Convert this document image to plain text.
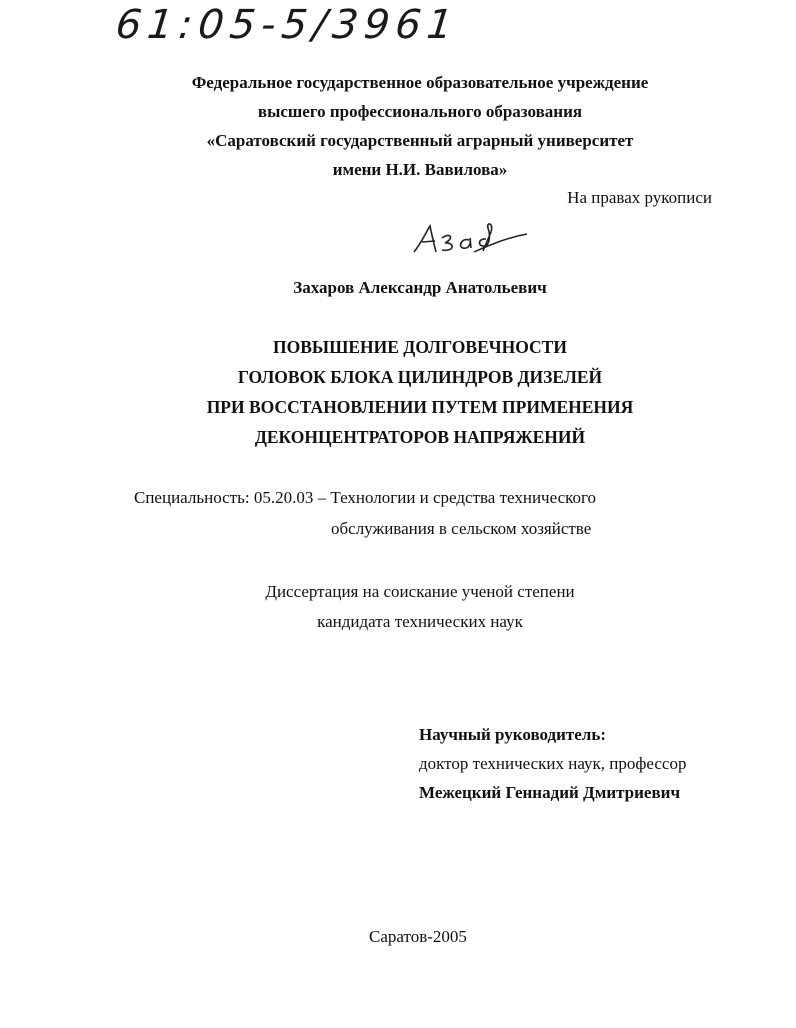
61:05-5/3961
Федеральное государственное образовательное учреждение
высшего профессионального образования
«Саратовский государственный аграрный университет
имени Н.И. Вавилова»
На правах рукописи
Захаров Александр Анатольевич
ПОВЫШЕНИЕ ДОЛГОВЕЧНОСТИ
ГОЛОВОК БЛОКА ЦИЛИНДРОВ ДИЗЕЛЕЙ
ПРИ ВОССТАНОВЛЕНИИ ПУТЕМ ПРИМЕНЕНИЯ
ДЕКОНЦЕНТРАТОРОВ НАПРЯЖЕНИЙ
Специальность: 05.20.03 – Технологии и средства технического
обслуживания в сельском хозяйстве
Диссертация на соискание ученой степени
кандидата технических наук
Научный руководитель:
доктор технических наук, профессор
Межецкий Геннадий Дмитриевич
Саратов-2005
